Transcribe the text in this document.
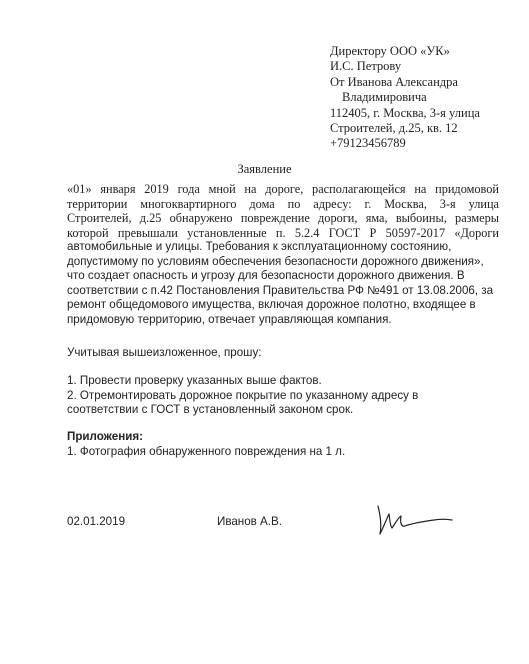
Директору ООО «УК»
И.С. Петрову
От Иванова Александра
Владимировича
112405, г. Москва, 3-я улица
Строителей, д.25, кв. 12
+79123456789
Заявление
«01» января 2019 года мной на дороге, располагающейся на придомовой
территории многоквартирного дома по адресу: г. Москва, 3-я улица
Строителей, д.25 обнаружено повреждение дороги, яма, выбоины, размеры
которой превышали установленные п. 5.2.4 ГОСТ Р 50597-2017 «Дороги
автомобильные и улицы. Требования к эксплуатационному состоянию,
допустимому по условиям обеспечения безопасности дорожного движения»,
что создает опасность и угрозу для безопасности дорожного движения. В
соответствии с п.42 Постановления Правительства РФ №491 от 13.08.2006, за
ремонт общедомового имущества, включая дорожное полотно, входящее в
придомовую территорию, отвечает управляющая компания.
Учитывая вышеизложенное, прошу:
1. Провести проверку указанных выше фактов.
2. Отремонтировать дорожное покрытие по указанному адресу в
соответствии с ГОСТ в установленный законом срок.
Приложения:
1. Фотография обнаруженного повреждения на 1 л.
02.01.2019	Иванов А.В.
